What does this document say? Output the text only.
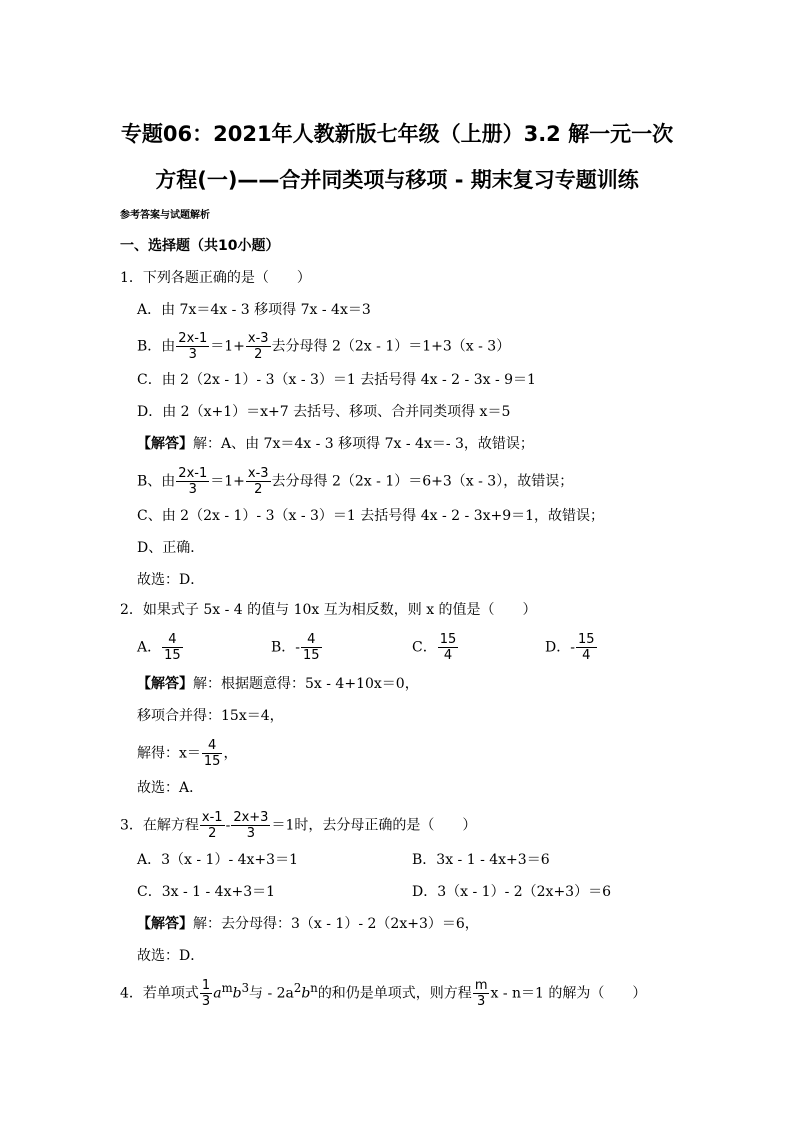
专题06：2021年人教新版七年级（上册）3.2 解一元一次
方程(一)——合并同类项与移项 - 期末复习专题训练
参考答案与试题解析
一、选择题（共10小题）
1．下列各题正确的是（　　）
A．由 7x＝4x - 3 移项得 7x - 4x＝3
B．由 $\frac{2x-1}{3} =1+ \frac{x-3}{2}$ 去分母得 2（2x - 1）＝1+3（x - 3）
C．由 2（2x - 1）- 3（x - 3）＝1 去括号得 4x - 2 - 3x - 9＝1
D．由 2（x+1）＝x+7 去括号、移项、合并同类项得 x＝5
【解答】解：A、由 7x＝4x - 3 移项得 7x - 4x＝- 3，故错误；
B、由 $\frac{2x-1}{3} =1+ \frac{x-3}{2}$ 去分母得 2（2x - 1）＝6+3（x - 3），故错误；
C、由 2（2x - 1）- 3（x - 3）＝1 去括号得 4x - 2 - 3x+9＝1，故错误；
D、正确．
故选：D．
2．如果式子 5x - 4 的值与 10x 互为相反数，则 x 的值是（　　）
A． $\frac{4}{15}$	B．- $\frac{4}{15}$	C． $\frac{15}{4}$	D．- $\frac{15}{4}$
【解答】解：根据题意得：5x - 4+10x＝0，
移项合并得：15x＝4，
解得：$x= \frac{4}{15}$ ，
故选：A．
3．在解方程 $\frac{x-1}{2} - \frac{2x+3}{3} =1$时，去分母正确的是（　　）
A．3（x - 1）- 4x+3＝1	B．3x - 1 - 4x+3＝6
C．3x - 1 - 4x+3＝1	D．3（x - 1）- 2（2x+3）＝6
【解答】解：去分母得：3（x - 1）- 2（2x+3）＝6，
故选：D．
4．若单项式 $\frac{1}{3} a^mb^3$与 - $2a^2b^n$的和仍是单项式，则方程 $\frac{m}{3}$ x - n＝1 的解为（　　）
